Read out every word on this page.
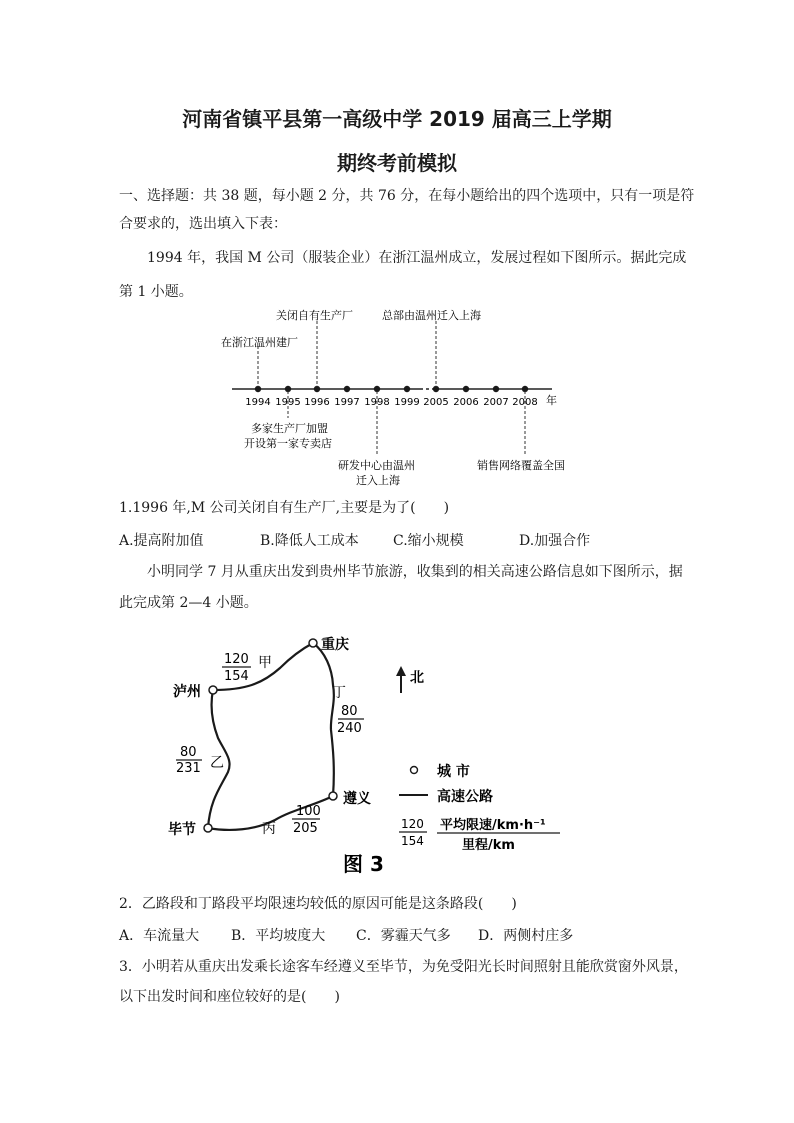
河南省镇平县第一高级中学 2019 届高三上学期
期终考前模拟
一、选择题：共 38 题，每小题 2 分，共 76 分，在每小题给出的四个选项中，只有一项是符
合要求的，选出填入下表：
1994 年，我国 M 公司（服装企业）在浙江温州成立，发展过程如下图所示。据此完成
第 1 小题。
1994 1995 1996 1997 1998 1999 2005 2006 2007 2008 年
在浙江温州建厂
关闭自有生产厂	总部由温州迁入上海
多家生产厂加盟
开设第一家专卖店
研发中心由温州
迁入上海
销售网络覆盖全国
1.1996 年,M 公司关闭自有生产厂,主要是为了(　　)
A.提高附加值	B.降低人工成本 C.缩小规模	D.加强合作
小明同学 7 月从重庆出发到贵州毕节旅游，收集到的相关高速公路信息如下图所示，据
此完成第 2—4 小题。
重庆
泸州
遵义
毕节
120
154
甲
丁
80
240
80
231 乙
丙
100
205
北
城 市
高速公路
120
154
平均限速/km·h⁻¹
里程/km
图 3
2．乙路段和丁路段平均限速均较低的原因可能是这条路段(　　)
A．车流量大 B．平均坡度大 C．雾霾天气多 D．两侧村庄多
3．小明若从重庆出发乘长途客车经遵义至毕节，为免受阳光长时间照射且能欣赏窗外风景，
以下出发时间和座位较好的是(　　)
